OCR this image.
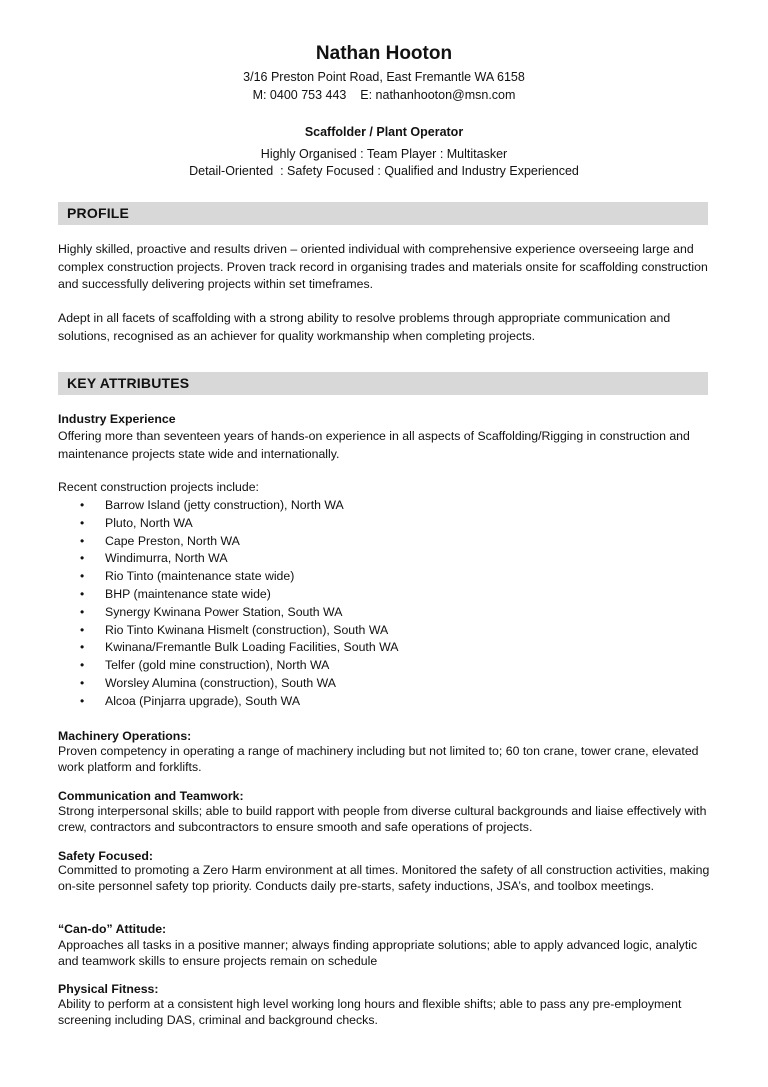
Nathan Hooton
3/16 Preston Point Road, East Fremantle WA 6158
M: 0400 753 443    E: nathanhooton@msn.com
Scaffolder / Plant Operator
Highly Organised : Team Player : Multitasker
Detail-Oriented  : Safety Focused : Qualified and Industry Experienced
PROFILE
Highly skilled, proactive and results driven – oriented individual with comprehensive experience overseeing large and complex construction projects. Proven track record in organising trades and materials onsite for scaffolding construction and successfully delivering projects within set timeframes.
Adept in all facets of scaffolding with a strong ability to resolve problems through appropriate communication and solutions, recognised as an achiever for quality workmanship when completing projects.
KEY ATTRIBUTES
Industry Experience
Offering more than seventeen years of hands-on experience in all aspects of Scaffolding/Rigging in construction and maintenance projects state wide and internationally.
Recent construction projects include:
• Barrow Island (jetty construction), North WA
• Pluto, North WA
• Cape Preston, North WA
• Windimurra, North WA
• Rio Tinto (maintenance state wide)
• BHP (maintenance state wide)
• Synergy Kwinana Power Station, South WA
• Rio Tinto Kwinana Hismelt (construction), South WA
• Kwinana/Fremantle Bulk Loading Facilities, South WA
• Telfer (gold mine construction), North WA
• Worsley Alumina (construction), South WA
• Alcoa (Pinjarra upgrade), South WA
Machinery Operations:
Proven competency in operating a range of machinery including but not limited to; 60 ton crane, tower crane, elevated work platform and forklifts.
Communication and Teamwork:
Strong interpersonal skills; able to build rapport with people from diverse cultural backgrounds and liaise effectively with crew, contractors and subcontractors to ensure smooth and safe operations of projects.
Safety Focused:
Committed to promoting a Zero Harm environment at all times. Monitored the safety of all construction activities, making on-site personnel safety top priority. Conducts daily pre-starts, safety inductions, JSA’s, and toolbox meetings.
“Can-do” Attitude:
Approaches all tasks in a positive manner; always finding appropriate solutions; able to apply advanced logic, analytic and teamwork skills to ensure projects remain on schedule
Physical Fitness:
Ability to perform at a consistent high level working long hours and flexible shifts; able to pass any pre-employment screening including DAS, criminal and background checks.
